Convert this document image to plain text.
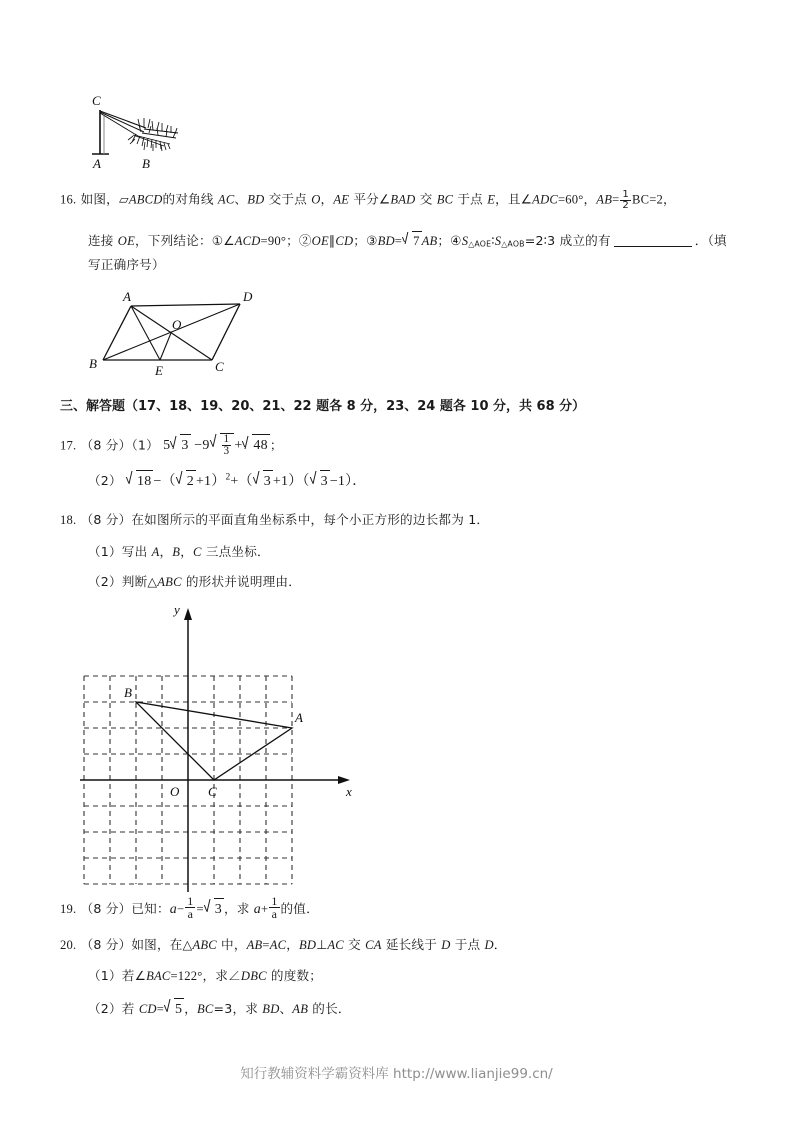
C
A	B
16. 如图，▱ABCD的对角线 AC、BD 交于点 O，AE 平分∠BAD 交 BC 于点 E，且∠ADC=60°，$AB= \frac{1}{2} BC=2$，
连接 OE，下列结论：①∠ACD=90°；②OE∥CD；③BD= 7 AB；$④S_{\triangle AOE}∶S_{\triangle AOB}=2∶3$ 成立的有	．（填
写正确序号）
A	D
B	C
O
E
三、解答题（17、18、19、20、21、22 题各 8 分，23、24 题各 10 分，共 68 分）
17. （8 分）（1） 5 $3 -9 \frac{1}{3} + 48$ ；
（2） 18 −（ 2 +1）$^2$+（ 3 +1）（ 3 −1）．
18. （8 分）在如图所示的平面直角坐标系中，每个小正方形的边长都为 1．
（1）写出 A，B，C 三点坐标．
（2）判断△ABC 的形状并说明理由．
A
B
C
O	x
y
19. （8 分）已知：$a- \frac{1}{a} = 3$ ，求 $a+ \frac{1}{a}$ 的值．
20. （8 分）如图，在△ABC 中，AB=AC，BD⊥AC 交 CA 延长线于 D 于点 D．
（1）若∠BAC=122°，求∠DBC 的度数；
（2）若 CD= 5 ，BC=3，求 BD、AB 的长．
知行教辅资料学霸资料库 http://www.lianjie99.cn/
